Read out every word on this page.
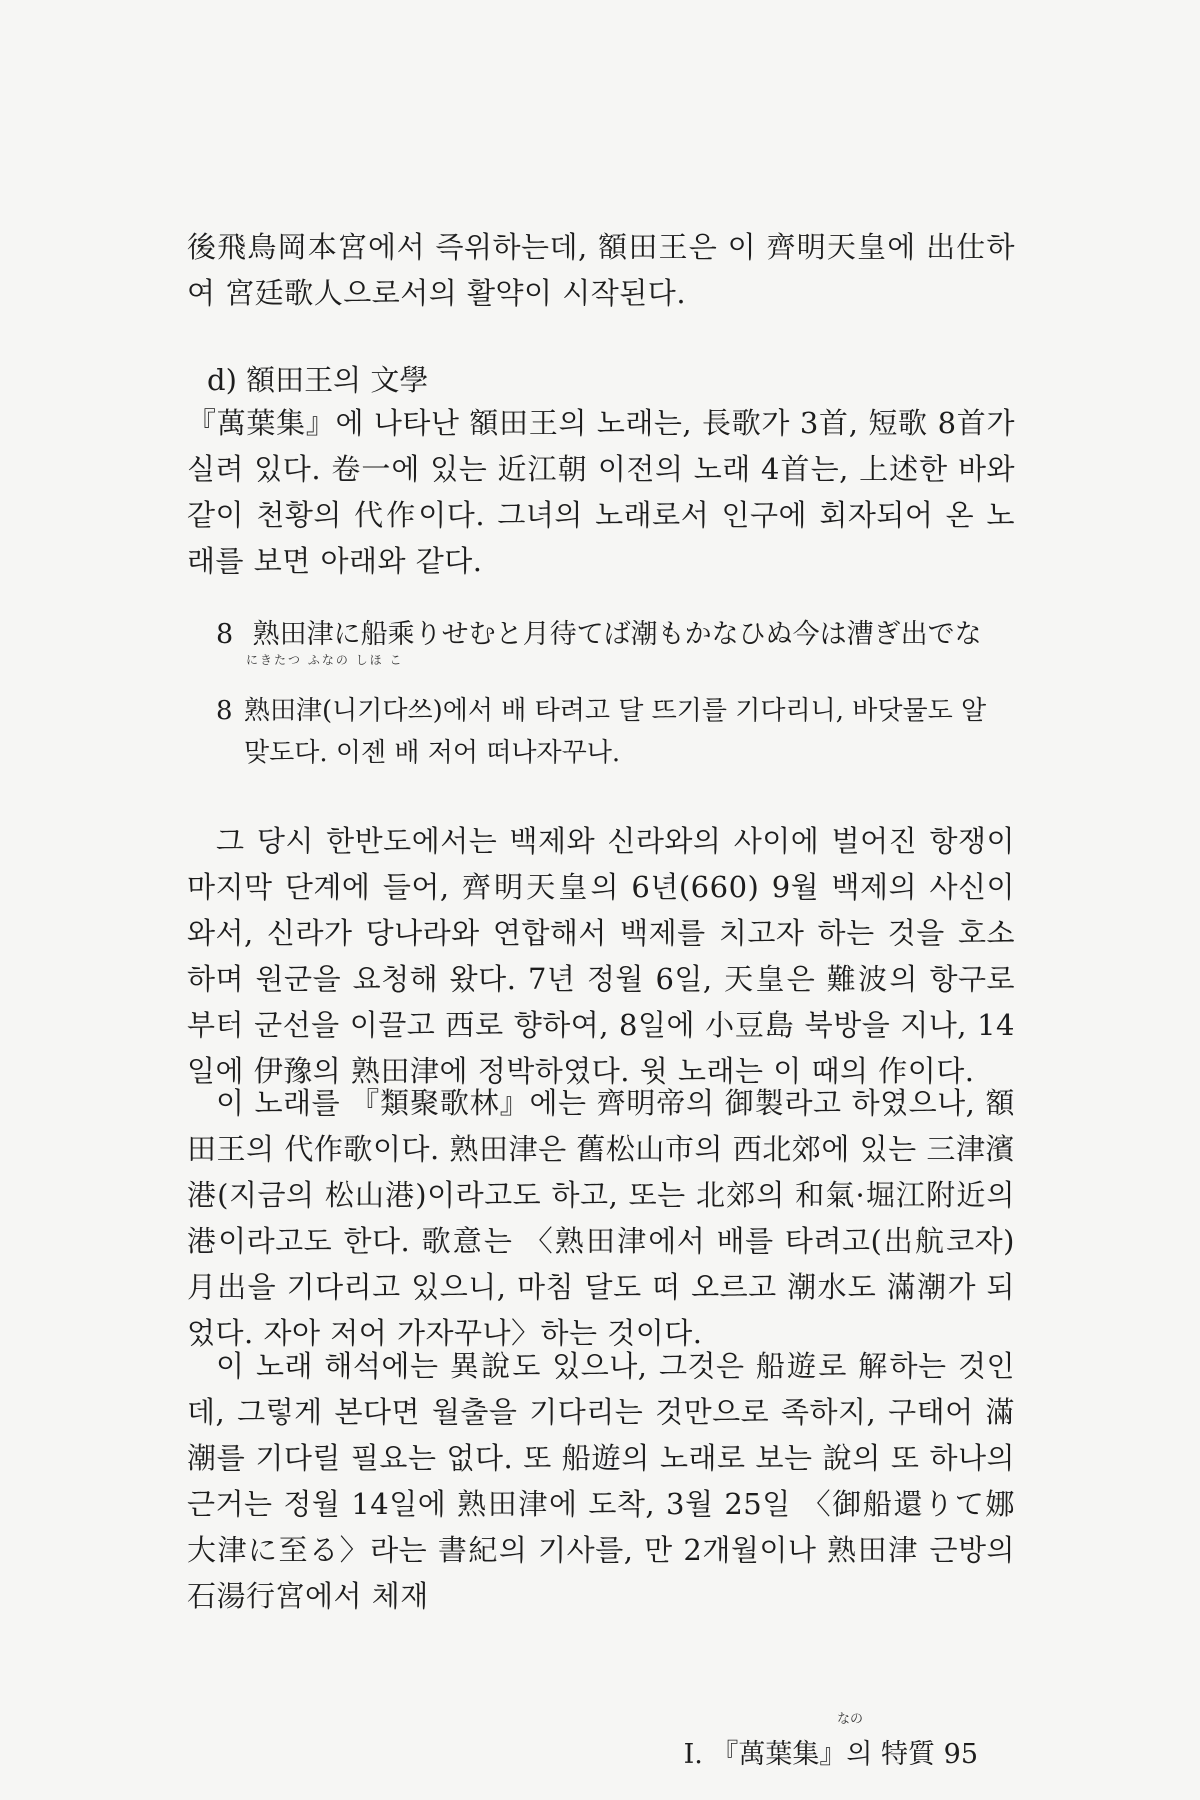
後飛鳥岡本宮에서 즉위하는데, 額田王은 이 齊明天皇에 出仕하여 宮廷歌人으로서의 활약이 시작된다.

d) 額田王의 文學

『萬葉集』에 나타난 額田王의 노래는, 長歌가 3首, 短歌 8首가 실려 있다. 卷一에 있는 近江朝 이전의 노래 4首는, 上述한 바와 같이 천황의 代作이다. 그녀의 노래로서 인구에 회자되어 온 노래를 보면 아래와 같다.

8 熟田津に船乘りせむと月待てば潮もかなひぬ今は漕ぎ出でな

にきたつ ふなの しほ こ
8 熟田津(니기다쓰)에서 배 타려고 달 뜨기를 기다리니, 바닷물도 알맞도다. 이젠 배 저어 떠나자꾸나.

그 당시 한반도에서는 백제와 신라와의 사이에 벌어진 항쟁이 마지막 단계에 들어, 齊明天皇의 6년(660) 9월 백제의 사신이 와서, 신라가 당나라와 연합해서 백제를 치고자 하는 것을 호소하며 원군을 요청해 왔다. 7년 정월 6일, 天皇은 難波의 항구로부터 군선을 이끌고 西로 향하여, 8일에 小豆島 북방을 지나, 14일에 伊豫의 熟田津에 정박하였다. 윗 노래는 이 때의 作이다.

이 노래를 『類聚歌林』에는 齊明帝의 御製라고 하였으나, 額田王의 代作歌이다. 熟田津은 舊松山市의 西北郊에 있는 三津濱港(지금의 松山港)이라고도 하고, 또는 北郊의 和氣·堀江附近의 港이라고도 한다. 歌意는 〈熟田津에서 배를 타려고(出航코자) 月出을 기다리고 있으니, 마침 달도 떠 오르고 潮水도 滿潮가 되었다. 자아 저어 가자꾸나〉하는 것이다.

이 노래 해석에는 異說도 있으나, 그것은 船遊로 解하는 것인데, 그렇게 본다면 월출을 기다리는 것만으로 족하지, 구태어 滿潮를 기다릴 필요는 없다. 또 船遊의 노래로 보는 說의 또 하나의 근거는 정월 14일에 熟田津에 도착, 3월 25일 〈御船還りて娜大津に至る〉라는 書紀의 기사를, 만 2개월이나 熟田津 근방의 石湯行宮에서 체재

なの
I. 『萬葉集』의 特質 95
